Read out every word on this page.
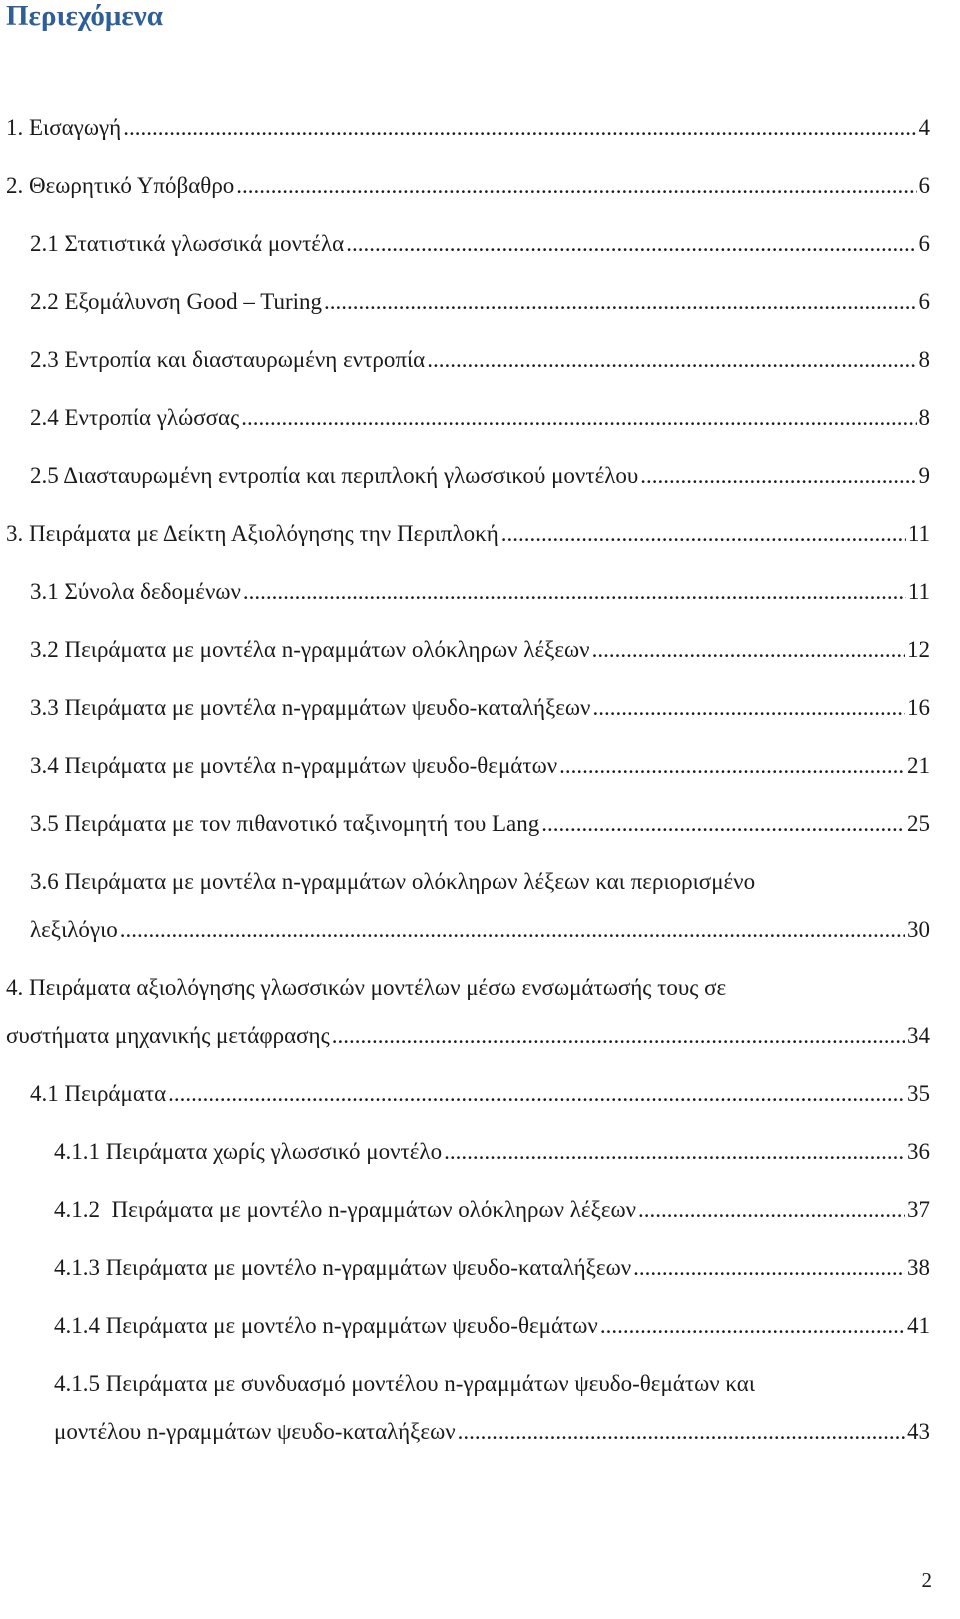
Περιεχόμενα
1. Εισαγωγή .....	4
2. Θεωρητικό Υπόβαθρο .....	6
2.1 Στατιστικά γλωσσικά μοντέλα .....	6
2.2 Εξομάλυνση Good – Turing .....	6
2.3 Εντροπία και διασταυρωμένη εντροπία .....	8
2.4 Εντροπία γλώσσας .....	8
2.5 Διασταυρωμένη εντροπία και περιπλοκή γλωσσικού μοντέλου .....	9
3. Πειράματα με Δείκτη Αξιολόγησης την Περιπλοκή .....	11
3.1 Σύνολα δεδομένων .....	11
3.2 Πειράματα με μοντέλα n-γραμμάτων ολόκληρων λέξεων .....	12
3.3 Πειράματα με μοντέλα n-γραμμάτων ψευδο-καταλήξεων .....	16
3.4 Πειράματα με μοντέλα n-γραμμάτων ψευδο-θεμάτων .....	21
3.5 Πειράματα με τον πιθανοτικό ταξινομητή του Lang .....	25
3.6 Πειράματα με μοντέλα n-γραμμάτων ολόκληρων λέξεων και περιορισμένο
λεξιλόγιο .....	30
4. Πειράματα αξιολόγησης γλωσσικών μοντέλων μέσω ενσωμάτωσής τους σε
συστήματα μηχανικής μετάφρασης .....	34
4.1 Πειράματα .....	35
4.1.1 Πειράματα χωρίς γλωσσικό μοντέλο .....	36
4.1.2  Πειράματα με μοντέλο n-γραμμάτων ολόκληρων λέξεων .....	37
4.1.3 Πειράματα με μοντέλο n-γραμμάτων ψευδο-καταλήξεων .....	38
4.1.4 Πειράματα με μοντέλο n-γραμμάτων ψευδο-θεμάτων .....	41
4.1.5 Πειράματα με συνδυασμό μοντέλου n-γραμμάτων ψευδο-θεμάτων και
μοντέλου n-γραμμάτων ψευδο-καταλήξεων .....	43
2
